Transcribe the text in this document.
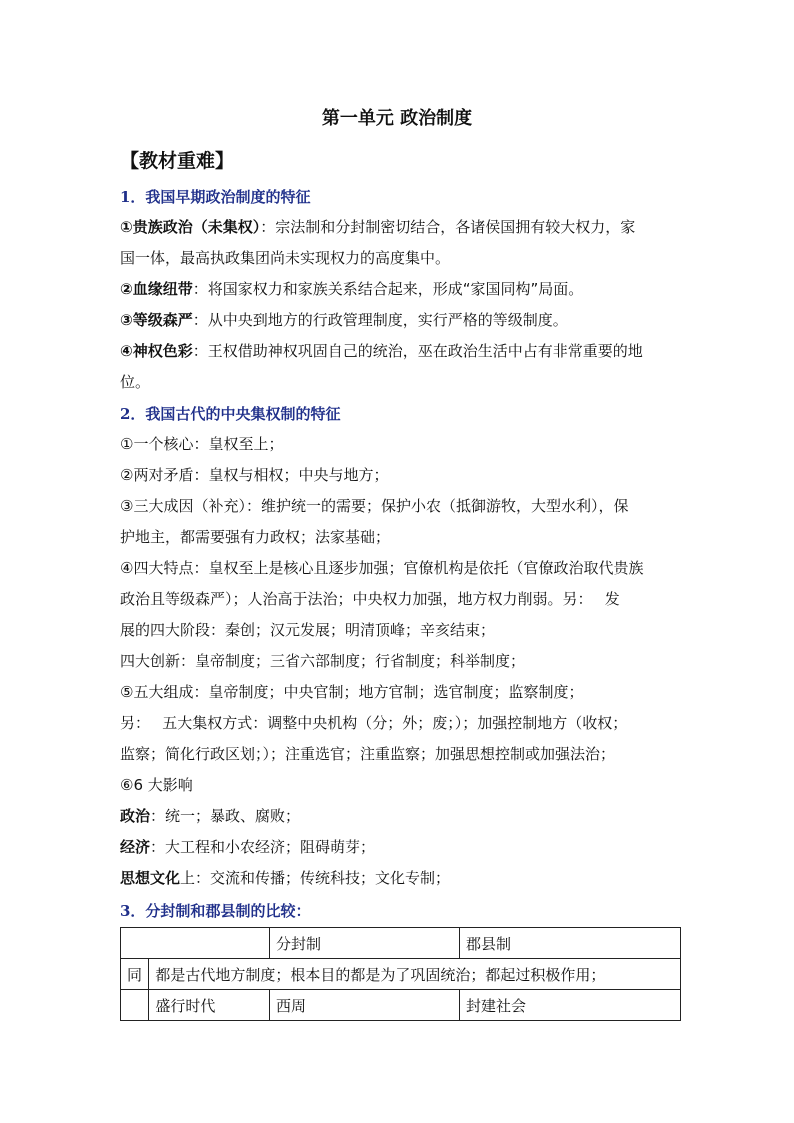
第一单元 政治制度
【教材重难】
1．我国早期政治制度的特征
①贵族政治（未集权）：宗法制和分封制密切结合，各诸侯国拥有较大权力，家
国一体，最高执政集团尚未实现权力的高度集中。
②血缘纽带：将国家权力和家族关系结合起来，形成“家国同构”局面。
③等级森严：从中央到地方的行政管理制度，实行严格的等级制度。
④神权色彩：王权借助神权巩固自己的统治，巫在政治生活中占有非常重要的地
位。
2．我国古代的中央集权制的特征
①一个核心：皇权至上；
②两对矛盾：皇权与相权；中央与地方；
③三大成因（补充）：维护统一的需要；保护小农（抵御游牧，大型水利），保
护地主，都需要强有力政权；法家基础；
④四大特点：皇权至上是核心且逐步加强；官僚机构是依托（官僚政治取代贵族
政治且等级森严）；人治高于法治；中央权力加强，地方权力削弱。另：　 发
展的四大阶段：秦创；汉元发展；明清顶峰；辛亥结束；
四大创新：皇帝制度；三省六部制度；行省制度；科举制度；
⑤五大组成：皇帝制度；中央官制；地方官制；选官制度；监察制度；
另：　 五大集权方式：调整中央机构（分；外；废；）；加强控制地方（收权；
监察；简化行政区划；）；注重选官；注重监察；加强思想控制或加强法治；
⑥6 大影响
政治：统一；暴政、腐败；
经济：大工程和小农经济；阻碍萌芽；
思想文化上：交流和传播；传统科技；文化专制；
3．分封制和郡县制的比较：
		分封制	郡县制
同	都是古代地方制度；根本目的都是为了巩固统治；都起过积极作用；		
	盛行时代	西周	封建社会
